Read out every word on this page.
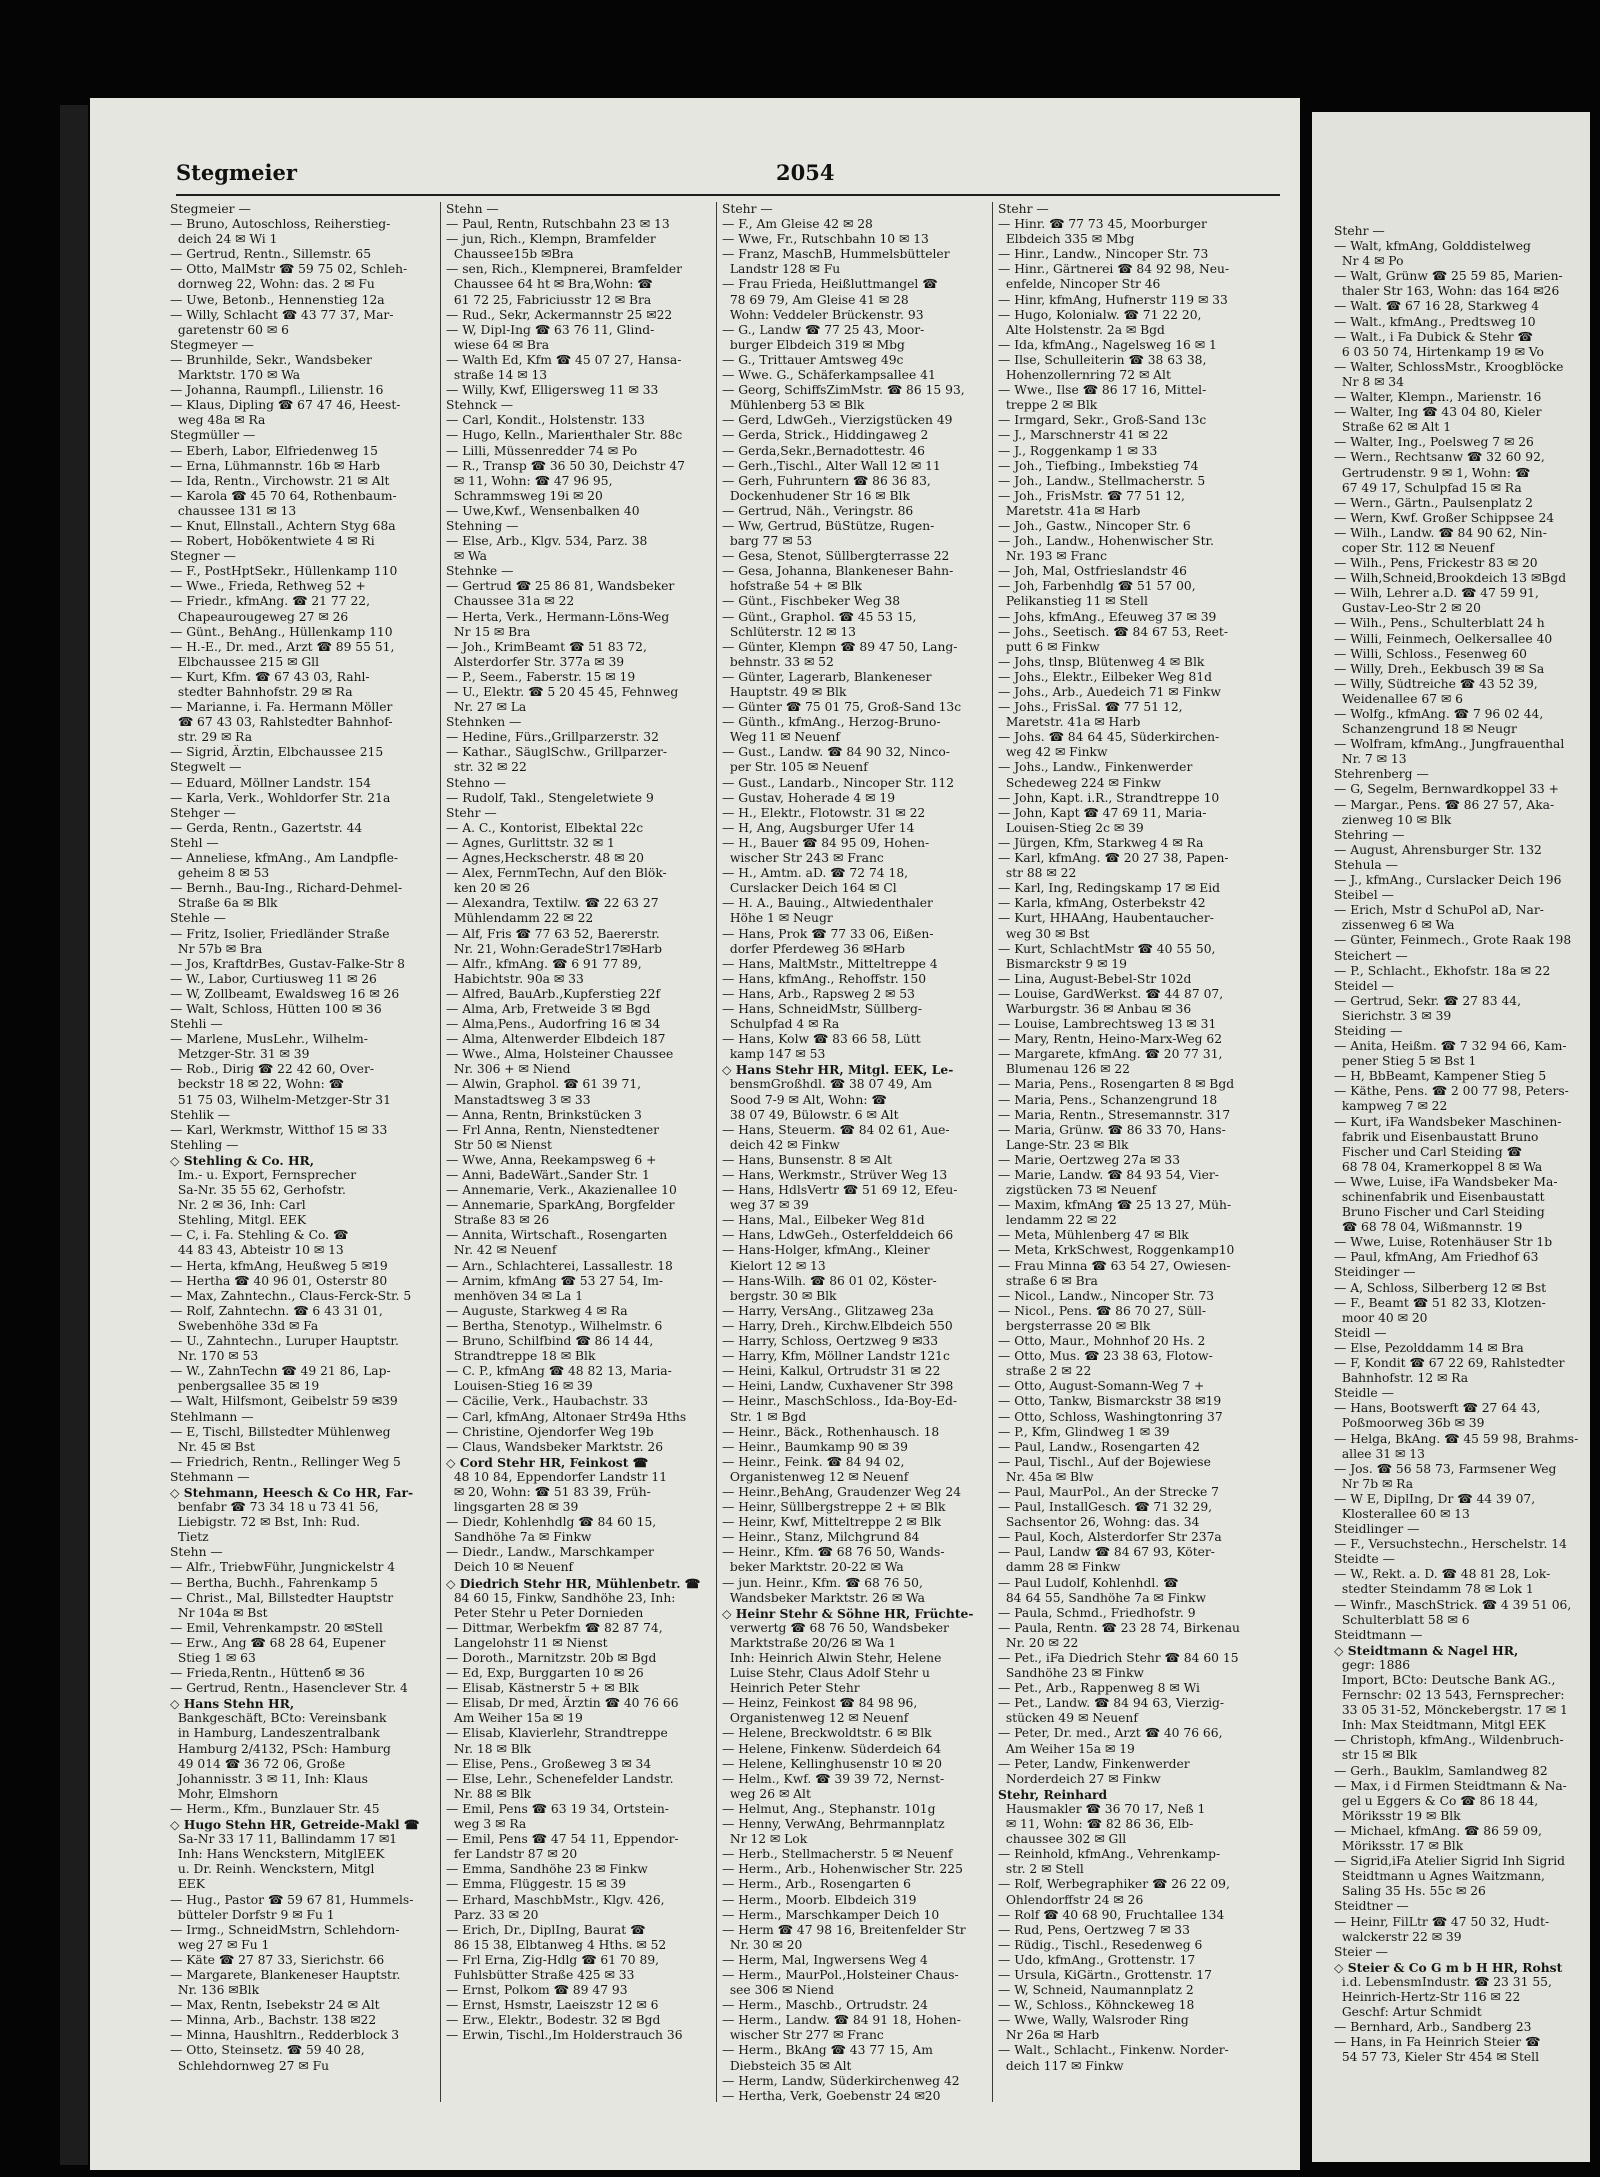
Stegmeier	2054
Stegmeier —
— Bruno, Autoschloss, Reiherstieg-
deich 24 ✉ Wi 1
— Gertrud, Rentn., Sillemstr. 65
— Otto, MalMstr ☎ 59 75 02, Schleh-
dornweg 22, Wohn: das. 2 ✉ Fu
— Uwe, Betonb., Hennenstieg 12a
— Willy, Schlacht ☎ 43 77 37, Mar-
garetenstr 60 ✉ 6
Stegmeyer —
— Brunhilde, Sekr., Wandsbeker
Marktstr. 170 ✉ Wa
— Johanna, Raumpfl., Lilienstr. 16
— Klaus, Dipling ☎ 67 47 46, Heest-
weg 48a ✉ Ra
Stegmüller —
— Eberh, Labor, Elfriedenweg 15
— Erna, Lühmannstr. 16b ✉ Harb
— Ida, Rentn., Virchowstr. 21 ✉ Alt
— Karola ☎ 45 70 64, Rothenbaum-
chaussee 131 ✉ 13
— Knut, Ellnstall., Achtern Styg 68a
— Robert, Hobökentwiete 4 ✉ Ri
Stegner —
— F., PostHptSekr., Hüllenkamp 110
— Wwe., Frieda, Rethweg 52 +
— Friedr., kfmAng. ☎ 21 77 22,
Chapeaurougeweg 27 ✉ 26
— Günt., BehAng., Hüllenkamp 110
— H.-E., Dr. med., Arzt ☎ 89 55 51,
Elbchaussee 215 ✉ Gll
— Kurt, Kfm. ☎ 67 43 03, Rahl-
stedter Bahnhofstr. 29 ✉ Ra
— Marianne, i. Fa. Hermann Möller
☎ 67 43 03, Rahlstedter Bahnhof-
str. 29 ✉ Ra
— Sigrid, Ärztin, Elbchaussee 215
Stegwelt —
— Eduard, Möllner Landstr. 154
— Karla, Verk., Wohldorfer Str. 21a
Stehger —
— Gerda, Rentn., Gazertstr. 44
Stehl —
— Anneliese, kfmAng., Am Landpflе-
geheim 8 ✉ 53
— Bernh., Bau-Ing., Richard-Dehmel-
Straße 6a ✉ Blk
Stehle —
— Fritz, Isolier, Friedländer Straße
Nr 57b ✉ Bra
— Jos, KraftdrBes, Gustav-Falke-Str 8
— W., Labor, Curtiusweg 11 ✉ 26
— W, Zollbeamt, Ewaldsweg 16 ✉ 26
— Walt, Schloss, Hütten 100 ✉ 36
Stehli —
— Marlene, MusLehr., Wilhelm-
Metzger-Str. 31 ✉ 39
— Rob., Dirig ☎ 22 42 60, Over-
beckstr 18 ✉ 22, Wohn: ☎
51 75 03, Wilhelm-Metzger-Str 31
Stehlik —
— Karl, Werkmstr, Witthof 15 ✉ 33
Stehling —
◇ Stehling & Co. HR,
Im.- u. Export, Fernsprecher
Sa-Nr. 35 55 62, Gerhofstr.
Nr. 2 ✉ 36, Inh: Carl
Stehling, Mitgl. EEK
— C, i. Fa. Stehling & Co. ☎
44 83 43, Abteistr 10 ✉ 13
— Herta, kfmAng, Heußweg 5 ✉19
— Hertha ☎ 40 96 01, Osterstr 80
— Max, Zahntechn., Claus-Ferck-Str. 5
— Rolf, Zahntechn. ☎ 6 43 31 01,
Swebenhöhe 33d ✉ Fa
— U., Zahntechn., Luruper Hauptstr.
Nr. 170 ✉ 53
— W., ZahnTechn ☎ 49 21 86, Lap-
penbergsallee 35 ✉ 19
— Walt, Hilfsmont, Geibelstr 59 ✉39
Stehlmann —
— E, Tischl, Billstedter Mühlenweg
Nr. 45 ✉ Bst
— Friedrich, Rentn., Rellinger Weg 5
Stehmann —
◇ Stehmann, Heesch & Co HR, Far-
benfabr ☎ 73 34 18 u 73 41 56,
Liebigstr. 72 ✉ Bst, Inh: Rud.
Tietz
Stehn —
— Alfr., TriebwFühr, Jungnickelstr 4
— Bertha, Buchh., Fahrenkamp 5
— Christ., Mal, Billstedter Hauptstr
Nr 104a ✉ Bst
— Emil, Vehrenkampstr. 20 ✉Stell
— Erw., Ang ☎ 68 28 64, Eupener
Stieg 1 ✉ 63
— Frieda,Rentn., Hüttenб ✉ 36
— Gertrud, Rentn., Hasenclever Str. 4
◇ Hans Stehn HR,
Bankgeschäft, BCto: Vereinsbank
in Hamburg, Landeszentralbank
Hamburg 2/4132, PSch: Hamburg
49 014 ☎ 36 72 06, Große
Johannisstr. 3 ✉ 11, Inh: Klaus
Mohr, Elmshorn
— Herm., Kfm., Bunzlauer Str. 45
◇ Hugo Stehn HR, Getreide-Makl ☎
Sa-Nr 33 17 11, Ballindamm 17 ✉1
Inh: Hans Wenckstern, MitglEEK
u. Dr. Reinh. Wenckstern, Mitgl
EEK
— Hug., Pastor ☎ 59 67 81, Hummels-
bütteler Dorfstr 9 ✉ Fu 1
— Irmg., SchneidMstrn, Schlehdorn-
weg 27 ✉ Fu 1
— Käte ☎ 27 87 33, Sierichstr. 66
— Margarete, Blankeneser Hauptstr.
Nr. 136 ✉Blk
— Max, Rentn, Isebekstr 24 ✉ Alt
— Minna, Arb., Bachstr. 138 ✉22
— Minna, Haushltrn., Redderblock 3
— Otto, Steinsetz. ☎ 59 40 28,
Schlehdornweg 27 ✉ Fu
Stehn —
— Paul, Rentn, Rutschbahn 23 ✉ 13
— jun, Rich., Klempn, Bramfelder
Chaussee15b ✉Bra
— sen, Rich., Klempnerei, Bramfelder
Chaussee 64 ht ✉ Bra,Wohn: ☎
61 72 25, Fabriciusstr 12 ✉ Bra
— Rud., Sekr, Ackermannstr 25 ✉22
— W, Dipl-Ing ☎ 63 76 11, Glind-
wiese 64 ✉ Bra
— Walth Ed, Kfm ☎ 45 07 27, Hansa-
straße 14 ✉ 13
— Willy, Kwf, Elligersweg 11 ✉ 33
Stehnck —
— Carl, Kondit., Holstenstr. 133
— Hugo, Kelln., Mariенthaler Str. 88c
— Lilli, Müssenredder 74 ✉ Po
— R., Transp ☎ 36 50 30, Deichstr 47
✉ 11, Wohn: ☎ 47 96 95,
Schrammsweg 19i ✉ 20
— Uwe,Kwf., Wensenbalken 40
Stehning —
— Else, Arb., Klgv. 534, Parz. 38
✉ Wa
Stehnke —
— Gertrud ☎ 25 86 81, Wandsbeker
Chaussee 31a ✉ 22
— Herta, Verk., Hermann-Löns-Weg
Nr 15 ✉ Bra
— Joh., KrimBeamt ☎ 51 83 72,
Alsterdorfer Str. 377a ✉ 39
— P., Seem., Faberstr. 15 ✉ 19
— U., Elektr. ☎ 5 20 45 45, Fehnweg
Nr. 27 ✉ La
Stehnken —
— Hedine, Fürs.,Grillparzerstr. 32
— Kathar., SäuglSchw., Grillparzer-
str. 32 ✉ 22
Stehno —
— Rudolf, Takl., Stengeletwiete 9
Stehr —
— A. C., Kontorist, Elbektal 22c
— Agnes, Gurlittstr. 32 ✉ 1
— Agnes,Heckscherstr. 48 ✉ 20
— Alex, FernmTechn, Auf den Blök-
ken 20 ✉ 26
— Alexandra, Textilw. ☎ 22 63 27
Mühlendamm 22 ✉ 22
— Alf, Fris ☎ 77 63 52, Baererstr.
Nr. 21, Wohn:GeradeStr17✉Harb
— Alfr., kfmAng. ☎ 6 91 77 89,
Habichtstr. 90a ✉ 33
— Alfred, BauArb.,Kupferstieg 22f
— Alma, Arb, Fretweide 3 ✉ Bgd
— Alma,Pens., Audorfring 16 ✉ 34
— Alma, Altenwerder Elbdeich 187
— Wwe., Alma, Holsteiner Chaussee
Nr. 306 + ✉ Niend
— Alwin, Graphol. ☎ 61 39 71,
Manstadtsweg 3 ✉ 33
— Anna, Rentn, Brinkstücken 3
— Frl Anna, Rentn, Nienstedtener
Str 50 ✉ Nienst
— Wwe, Anna, Reekampsweg 6 +
— Anni, BadeWärt.,Sander Str. 1
— Annemarie, Verk., Akazienallee 10
— Annemarie, SparkAng, Borgfelder
Straße 83 ✉ 26
— Annita, Wirtschaft., Rosengarten
Nr. 42 ✉ Neuenf
— Arn., Schlachterei, Lassallestr. 18
— Arnim, kfmAng ☎ 53 27 54, Im-
menhöven 34 ✉ La 1
— Auguste, Starkweg 4 ✉ Ra
— Bertha, Stenotyp., Wilhelmstr. 6
— Bruno, Schilfbind ☎ 86 14 44,
Strandtreppe 18 ✉ Blk
— C. P., kfmAng ☎ 48 82 13, Maria-
Louisen-Stieg 16 ✉ 39
— Cäcilie, Verk., Haubachstr. 33
— Carl, kfmAng, Altonaer Str49a Hths
— Christine, Ojendorfer Weg 19b
— Claus, Wandsbeker Marktstr. 26
◇ Cord Stehr HR, Feinkost ☎
48 10 84, Eppendorfer Landstr 11
✉ 20, Wohn: ☎ 51 83 39, Früh-
lingsgarten 28 ✉ 39
— Diedr, Kohlenhdlg ☎ 84 60 15,
Sandhöhe 7a ✉ Finkw
— Diedr., Landw., Marschkamper
Deich 10 ✉ Neuenf
◇ Diedrich Stehr HR, Mühlenbetr. ☎
84 60 15, Finkw, Sandhöhe 23, Inh:
Peter Stehr u Peter Dornieden
— Dittmar, Werbekfm ☎ 82 87 74,
Langelohstr 11 ✉ Nienst
— Doroth., Marnitzstr. 20b ✉ Bgd
— Ed, Exp, Burggarten 10 ✉ 26
— Elisab, Kästnerstr 5 + ✉ Blk
— Elisab, Dr med, Ärztin ☎ 40 76 66
Am Weiher 15a ✉ 19
— Elisab, Klavierlehr, Strandtreppe
Nr. 18 ✉ Blk
— Elise, Pens., Großeweg 3 ✉ 34
— Else, Lehr., Schenefelder Landstr.
Nr. 88 ✉ Blk
— Emil, Pens ☎ 63 19 34, Ortstein-
weg 3 ✉ Ra
— Emil, Pens ☎ 47 54 11, Eppendor-
fer Landstr 87 ✉ 20
— Emma, Sandhöhe 23 ✉ Finkw
— Emma, Flüggestr. 15 ✉ 39
— Erhard, MaschbMstr., Klgv. 426,
Parz. 33 ✉ 20
— Erich, Dr., DiplIng, Baurat ☎
86 15 38, Elbtanweg 4 Hths. ✉ 52
— Frl Erna, Zig-Hdlg ☎ 61 70 89,
Fuhlsbütter Straße 425 ✉ 33
— Ernst, Polkom ☎ 89 47 93
— Ernst, Hsmstr, Laeiszstr 12 ✉ 6
— Erw., Elektr., Bodestr. 32 ✉ Bgd
— Erwin, Tischl.,Im Holderstrauch 36
Stehr —
— F., Am Gleise 42 ✉ 28
— Wwe, Fr., Rutschbahn 10 ✉ 13
— Franz, MaschB, Hummelsbütteler
Landstr 128 ✉ Fu
— Frau Frieda, Heißluttmangel ☎
78 69 79, Am Gleise 41 ✉ 28
Wohn: Veddeler Brückenstr. 93
— G., Landw ☎ 77 25 43, Moor-
burger Elbdeich 319 ✉ Mbg
— G., Trittauer Amtsweg 49c
— Wwe. G., Schäferkampsallee 41
— Georg, SchiffsZimMstr. ☎ 86 15 93,
Mühlenberg 53 ✉ Blk
— Gerd, LdwGeh., Vierzigstücken 49
— Gerda, Strick., Hiddingaweg 2
— Gerda,Sekr.,Bernadottestr. 46
— Gerh.,Tischl., Alter Wall 12 ✉ 11
— Gerh, Fuhruntern ☎ 86 36 83,
Dockenhudener Str 16 ✉ Blk
— Gertrud, Näh., Veringstr. 86
— Ww, Gertrud, BüStütze, Rugen-
barg 77 ✉ 53
— Gesa, Stenot, Süllbergterrasse 22
— Gesa, Johanna, Blankeneser Bahn-
hofstraße 54 + ✉ Blk
— Günt., Fischbeker Weg 38
— Günt., Graphol. ☎ 45 53 15,
Schlüterstr. 12 ✉ 13
— Günter, Klempn ☎ 89 47 50, Lang-
behnstr. 33 ✉ 52
— Günter, Lagerarb, Blankeneser
Hauptstr. 49 ✉ Blk
— Günter ☎ 75 01 75, Groß-Sand 13c
— Günth., kfmAng., Herzog-Bruno-
Weg 11 ✉ Neuenf
— Gust., Landw. ☎ 84 90 32, Ninco-
per Str. 105 ✉ Neuenf
— Gust., Landarb., Nincoper Str. 112
— Gustav, Hoheradе 4 ✉ 19
— H., Elektr., Flotowstr. 31 ✉ 22
— H, Ang, Augsburger Ufer 14
— H., Bauer ☎ 84 95 09, Hohen-
wischer Str 243 ✉ Franc
— H., Amtm. aD. ☎ 72 74 18,
Curslacker Deich 164 ✉ Cl
— H. A., Bauing., Altwiedenthaler
Höhe 1 ✉ Neugr
— Hans, Prok ☎ 77 33 06, Eißen-
dorfer Pferdeweg 36 ✉Harb
— Hans, MaltMstr., Mitteltreppe 4
— Hans, kfmAng., Rehoffstr. 150
— Hans, Arb., Rapsweg 2 ✉ 53
— Hans, SchneidMstr, Süllberg-
Schulpfad 4 ✉ Ra
— Hans, Kolw ☎ 83 66 58, Lütt
kamp 147 ✉ 53
◇ Hans Stehr HR, Mitgl. EEK, Le-
bensmGroßhdl. ☎ 38 07 49, Am
Sood 7-9 ✉ Alt, Wohn: ☎
38 07 49, Bülowstr. 6 ✉ Alt
— Hans, Steuerm. ☎ 84 02 61, Aue-
deich 42 ✉ Finkw
— Hans, Bunsenstr. 8 ✉ Alt
— Hans, Werkmstr., Strüver Weg 13
— Hans, HdlsVertr ☎ 51 69 12, Efeu-
weg 37 ✉ 39
— Hans, Mal., Eilbeker Weg 81d
— Hans, LdwGeh., Osterfelddeich 66
— Hans-Holger, kfmAng., Kleiner
Kielort 12 ✉ 13
— Hans-Wilh. ☎ 86 01 02, Köster-
bergstr. 30 ✉ Blk
— Harry, VersAng., Glitzaweg 23a
— Harry, Dreh., Kirchw.Elbdeich 550
— Harry, Schloss, Oertzweg 9 ✉33
— Harry, Kfm, Möllner Landstr 121c
— Heini, Kalkul, Ortrudstr 31 ✉ 22
— Heini, Landw, Cuxhavener Str 398
— Heinr., MaschSchloss., Ida-Boy-Ed-
Str. 1 ✉ Bgd
— Heinr., Bäck., Rothenhausch. 18
— Heinr., Baumkamp 90 ✉ 39
— Heinr., Feink. ☎ 84 94 02,
Organistenweg 12 ✉ Neuenf
— Heinr.,BehAng, Graudenzer Weg 24
— Heinr, Süllbergstreppe 2 + ✉ Blk
— Heinr, Kwf, Mitteltreppe 2 ✉ Blk
— Heinr., Stanz, Milchgrund 84
— Heinr., Kfm. ☎ 68 76 50, Wands-
beker Marktstr. 20-22 ✉ Wa
— jun. Heinr., Kfm. ☎ 68 76 50,
Wandsbeker Marktstr. 26 ✉ Wa
◇ Heinr Stehr & Söhne HR, Früchte-
verwertg ☎ 68 76 50, Wandsbeker
Marktstraße 20/26 ✉ Wa 1
Inh: Heinrich Alwin Stehr, Helene
Luise Stehr, Claus Adolf Stehr u
Heinrich Peter Stehr
— Heinz, Feinkost ☎ 84 98 96,
Organistenweg 12 ✉ Neuenf
— Helene, Breckwoldtstr. 6 ✉ Blk
— Helene, Finkenw. Süderdeich 64
— Helene, Kellinghusenstr 10 ✉ 20
— Helm., Kwf. ☎ 39 39 72, Nernst-
weg 26 ✉ Alt
— Helmut, Ang., Stephanstr. 101g
— Henny, VerwAng, Behrmannplatz
Nr 12 ✉ Lok
— Herb., Stellmachеrstr. 5 ✉ Neuenf
— Herm., Arb., Hohenwischer Str. 225
— Herm., Arb., Rosengarten 6
— Herm., Moorb. Elbdeich 319
— Herm., Marschkamper Deich 10
— Herm ☎ 47 98 16, Breitenfelder Str
Nr. 30 ✉ 20
— Herm, Mal, Ingwersens Weg 4
— Herm., MaurPol.,Holsteiner Chaus-
see 306 ✉ Niend
— Herm., Maschb., Ortrudstr. 24
— Herm., Landw. ☎ 84 91 18, Hohen-
wischer Str 277 ✉ Franc
— Herm., BkAng ☎ 43 77 15, Am
Diebsteich 35 ✉ Alt
— Herm, Landw, Süderkirchenweg 42
— Hertha, Verk, Goebenstr 24 ✉20
Stehr —
— Hinr. ☎ 77 73 45, Moorburger
Elbdeich 335 ✉ Mbg
— Hinr., Landw., Nincoper Str. 73
— Hinr., Gärtnerei ☎ 84 92 98, Neu-
enfelde, Nincoper Str 46
— Hinr, kfmAng, Hufnerstr 119 ✉ 33
— Hugo, Kolonialw. ☎ 71 22 20,
Alte Holstenstr. 2a ✉ Bgd
— Ida, kfmAng., Nagelsweg 16 ✉ 1
— Ilse, Schulleiterin ☎ 38 63 38,
Hohenzollernring 72 ✉ Alt
— Wwe., Ilse ☎ 86 17 16, Mittel-
treppe 2 ✉ Blk
— Irmgard, Sekr., Groß-Sand 13c
— J., Marschnerstr 41 ✉ 22
— J., Roggenkamp 1 ✉ 33
— Joh., Tiefbing., Imbekstieg 74
— Joh., Landw., Stellmacherstr. 5
— Joh., FrisMstr. ☎ 77 51 12,
Maretstr. 41a ✉ Harb
— Joh., Gastw., Nincoper Str. 6
— Joh., Landw., Hohenwischer Str.
Nr. 193 ✉ Franc
— Joh, Mal, Ostfrieslandstr 46
— Joh, Farbenhdlg ☎ 51 57 00,
Pelikanstieg 11 ✉ Stell
— Johs, kfmAng., Efeuweg 37 ✉ 39
— Johs., Seetisch. ☎ 84 67 53, Reet-
putt 6 ✉ Finkw
— Johs, tlnsp, Blütenweg 4 ✉ Blk
— Johs., Elektr., Eilbeker Weg 81d
— Johs., Arb., Auedeich 71 ✉ Finkw
— Johs., FrisSal. ☎ 77 51 12,
Maretstr. 41a ✉ Harb
— Johs. ☎ 84 64 45, Süderkirchen-
weg 42 ✉ Finkw
— Johs., Landw., Finkenwerder
Schedeweg 224 ✉ Finkw
— John, Kapt. i.R., Strandtreppe 10
— John, Kapt ☎ 47 69 11, Maria-
Louisen-Stieg 2c ✉ 39
— Jürgen, Kfm, Starkweg 4 ✉ Ra
— Karl, kfmAng. ☎ 20 27 38, Papen-
str 88 ✉ 22
— Karl, Ing, Redingskamp 17 ✉ Eid
— Karla, kfmAng, Osterbekstr 42
— Kurt, HHAAng, Haubentaucher-
weg 30 ✉ Bst
— Kurt, SchlachtMstr ☎ 40 55 50,
Bismarckstr 9 ✉ 19
— Lina, August-Bebel-Str 102d
— Louise, GardWerkst. ☎ 44 87 07,
Warburgstr. 36 ✉ Anbau ✉ 36
— Louise, Lambrechtsweg 13 ✉ 31
— Mary, Rentn, Heino-Marx-Weg 62
— Margarete, kfmAng. ☎ 20 77 31,
Blumenau 126 ✉ 22
— Maria, Pens., Rosengarten 8 ✉ Bgd
— Maria, Pens., Schanzengrund 18
— Maria, Rentn., Stresemannstr. 317
— Maria, Grünw. ☎ 86 33 70, Hans-
Lange-Str. 23 ✉ Blk
— Marie, Oertzweg 27a ✉ 33
— Marie, Landw. ☎ 84 93 54, Vier-
zigstücken 73 ✉ Neuenf
— Maxim, kfmAng ☎ 25 13 27, Müh-
lendamm 22 ✉ 22
— Meta, Mühlenberg 47 ✉ Blk
— Meta, KrkSchwest, Roggenkamp10
— Frau Minna ☎ 63 54 27, Owiesen-
straße 6 ✉ Bra
— Nicol., Landw., Nincoper Str. 73
— Nicol., Pens. ☎ 86 70 27, Süll-
bergsterrasse 20 ✉ Blk
— Otto, Maur., Mohnhof 20 Hs. 2
— Otto, Mus. ☎ 23 38 63, Flotow-
straße 2 ✉ 22
— Otto, August-Somann-Weg 7 +
— Otto, Tankw, Bismarckstr 38 ✉19
— Otto, Schloss, Washingtonring 37
— P., Kfm, Glindweg 1 ✉ 39
— Paul, Landw., Rosengarten 42
— Paul, Tischl., Auf der Bojewiese
Nr. 45a ✉ Blw
— Paul, MaurPol., An der Strecke 7
— Paul, InstallGesch. ☎ 71 32 29,
Sachsentor 26, Wohng: das. 34
— Paul, Koch, Alsterdorfer Str 237a
— Paul, Landw ☎ 84 67 93, Köter-
damm 28 ✉ Finkw
— Paul Ludolf, Kohlenhdl. ☎
84 64 55, Sandhöhe 7a ✉ Finkw
— Paula, Schmd., Friedhofstr. 9
— Paula, Rentn. ☎ 23 28 74, Birkenau
Nr. 20 ✉ 22
— Pet., iFa Diedrich Stehr ☎ 84 60 15
Sandhöhe 23 ✉ Finkw
— Pet., Arb., Rappenweg 8 ✉ Wi
— Pet., Landw. ☎ 84 94 63, Vierzig-
stücken 49 ✉ Neuenf
— Peter, Dr. med., Arzt ☎ 40 76 66,
Am Weiher 15a ✉ 19
— Peter, Landw, Finkenwerder
Norderdeich 27 ✉ Finkw
Stehr, Reinhard
Hausmakler ☎ 36 70 17, Neß 1
✉ 11, Wohn: ☎ 82 86 36, Elb-
chaussee 302 ✉ Gll
— Reinhold, kfmAng., Vehrenkamp-
str. 2 ✉ Stell
— Rolf, Werbegraphiker ☎ 26 22 09,
Ohlendorffstr 24 ✉ 26
— Rolf ☎ 40 68 90, Fruchtallee 134
— Rud, Pens, Oertzweg 7 ✉ 33
— Rüdig., Tischl., Resedenweg 6
— Udo, kfmAng., Grottenstr. 17
— Ursula, KiGärtn., Grottenstr. 17
— W, Schneid, Naumannplatz 2
— W., Schloss., Köhnckeweg 18
— Wwe, Wally, Walsroder Ring
Nr 26a ✉ Harb
— Walt., Schlacht., Finkenw. Norder-
deich 117 ✉ Finkw
Stehr —
— Walt, kfmAng, Golddistelweg
Nr 4 ✉ Po
— Walt, Grünw ☎ 25 59 85, Marien-
thaler Str 163, Wohn: das 164 ✉26
— Walt. ☎ 67 16 28, Starkweg 4
— Walt., kfmAng., Predtsweg 10
— Walt., i Fa Dubick & Stehr ☎
6 03 50 74, Hirtenkamp 19 ✉ Vo
— Walter, SchlossMstr., Kroogblöcke
Nr 8 ✉ 34
— Walter, Klempn., Marienstr. 16
— Walter, Ing ☎ 43 04 80, Kieler
Straße 62 ✉ Alt 1
— Walter, Ing., Poelsweg 7 ✉ 26
— Wern., Rechtsanw ☎ 32 60 92,
Gertrudenstr. 9 ✉ 1, Wohn: ☎
67 49 17, Schulpfad 15 ✉ Ra
— Wern., Gärtn., Paulsenplatz 2
— Wern, Kwf. Großer Schippsee 24
— Wilh., Landw. ☎ 84 90 62, Nin-
coper Str. 112 ✉ Neuenf
— Wilh., Pens, Frickestr 83 ✉ 20
— Wilh,Schneid,Brookdeich 13 ✉Bgd
— Wilh, Lehrer a.D. ☎ 47 59 91,
Gustav-Leo-Str 2 ✉ 20
— Wilh., Pens., Schulterblatt 24 h
— Willi, Feinmech, Oelkersallee 40
— Willi, Schloss., Fesenweg 60
— Willy, Dreh., Eekbusch 39 ✉ Sa
— Willy, Südtreiche ☎ 43 52 39,
Weidenallee 67 ✉ 6
— Wolfg., kfmAng. ☎ 7 96 02 44,
Schanzengrund 18 ✉ Neugr
— Wolfram, kfmAng., Jungfrauenthal
Nr. 7 ✉ 13
Stehrenberg —
— G, Segelm, Bernwardkoppel 33 +
— Margar., Pens. ☎ 86 27 57, Aka-
zienweg 10 ✉ Blk
Stehring —
— August, Ahrensburger Str. 132
Stehula —
— J., kfmAng., Curslacker Deich 196
Steibel —
— Erich, Mstr d SchuPol aD, Nar-
zissenweg 6 ✉ Wa
— Günter, Feinmech., Grote Raak 198
Steichert —
— P., Schlacht., Ekhofstr. 18a ✉ 22
Steidel —
— Gertrud, Sekr. ☎ 27 83 44,
Sierichstr. 3 ✉ 39
Steiding —
— Anita, Heißm. ☎ 7 32 94 66, Kam-
pener Stieg 5 ✉ Bst 1
— H, BbBeamt, Kampener Stieg 5
— Käthe, Pens. ☎ 2 00 77 98, Peters-
kampweg 7 ✉ 22
— Kurt, iFa Wandsbeker Maschinen-
fabrik und Eisenbaustatt Bruno
Fischer und Carl Steiding ☎
68 78 04, Kramerkoppel 8 ✉ Wa
— Wwe, Luise, iFa Wandsbeker Ma-
schinenfabrik und Eisenbaustatt
Bruno Fischer und Carl Steiding
☎ 68 78 04, Wißmannstr. 19
— Wwe, Luise, Rotenhäuser Str 1b
— Paul, kfmAng, Am Friedhof 63
Steidinger —
— A, Schloss, Silberberg 12 ✉ Bst
— F., Beamt ☎ 51 82 33, Klotzen-
moor 40 ✉ 20
Steidl —
— Else, Pezolddamm 14 ✉ Bra
— F, Kondit ☎ 67 22 69, Rahlstedter
Bahnhofstr. 12 ✉ Ra
Steidle —
— Hans, Bootswerft ☎ 27 64 43,
Poßmoorweg 36b ✉ 39
— Helga, BkAng. ☎ 45 59 98, Brahms-
allee 31 ✉ 13
— Jos. ☎ 56 58 73, Farmsener Weg
Nr 7b ✉ Ra
— W E, DiplIng, Dr ☎ 44 39 07,
Klosterallee 60 ✉ 13
Steidlinger —
— F., Versuchstechn., Herschelstr. 14
Steidte —
— W., Rekt. a. D. ☎ 48 81 28, Lok-
stedter Steindamm 78 ✉ Lok 1
— Winfr., MaschStrick. ☎ 4 39 51 06,
Schulterblatt 58 ✉ 6
Steidtmann —
◇ Steidtmann & Nagel HR,
gegr: 1886
Import, BCto: Deutsche Bank AG.,
Fernschr: 02 13 543, Fernsprecher:
33 05 31-52, Mönckebergstr. 17 ✉ 1
Inh: Max Steidtmann, Mitgl EEK
— Christoph, kfmAng., Wildenbruch-
str 15 ✉ Blk
— Gerh., Bauklm, Samlandweg 82
— Max, i d Firmen Steidtmann & Na-
gel u Eggers & Co ☎ 86 18 44,
Möriksstr 19 ✉ Blk
— Michael, kfmAng. ☎ 86 59 09,
Möriksstr. 17 ✉ Blk
— Sigrid,iFa Atelier Sigrid Inh Sigrid
Steidtmann u Agnes Waitzmann,
Saling 35 Hs. 55c ✉ 26
Steidtner —
— Heinr, FilLtr ☎ 47 50 32, Hudt-
walckerstr 22 ✉ 39
Steier —
◇ Steier & Co G m b H HR, Rohst
i.d. LebensmIndustr. ☎ 23 31 55,
Heinrich-Hertz-Str 116 ✉ 22
Geschf: Artur Schmidt
— Bernhard, Arb., Sandberg 23
— Hans, in Fa Heinrich Steier ☎
54 57 73, Kieler Str 454 ✉ Stell
